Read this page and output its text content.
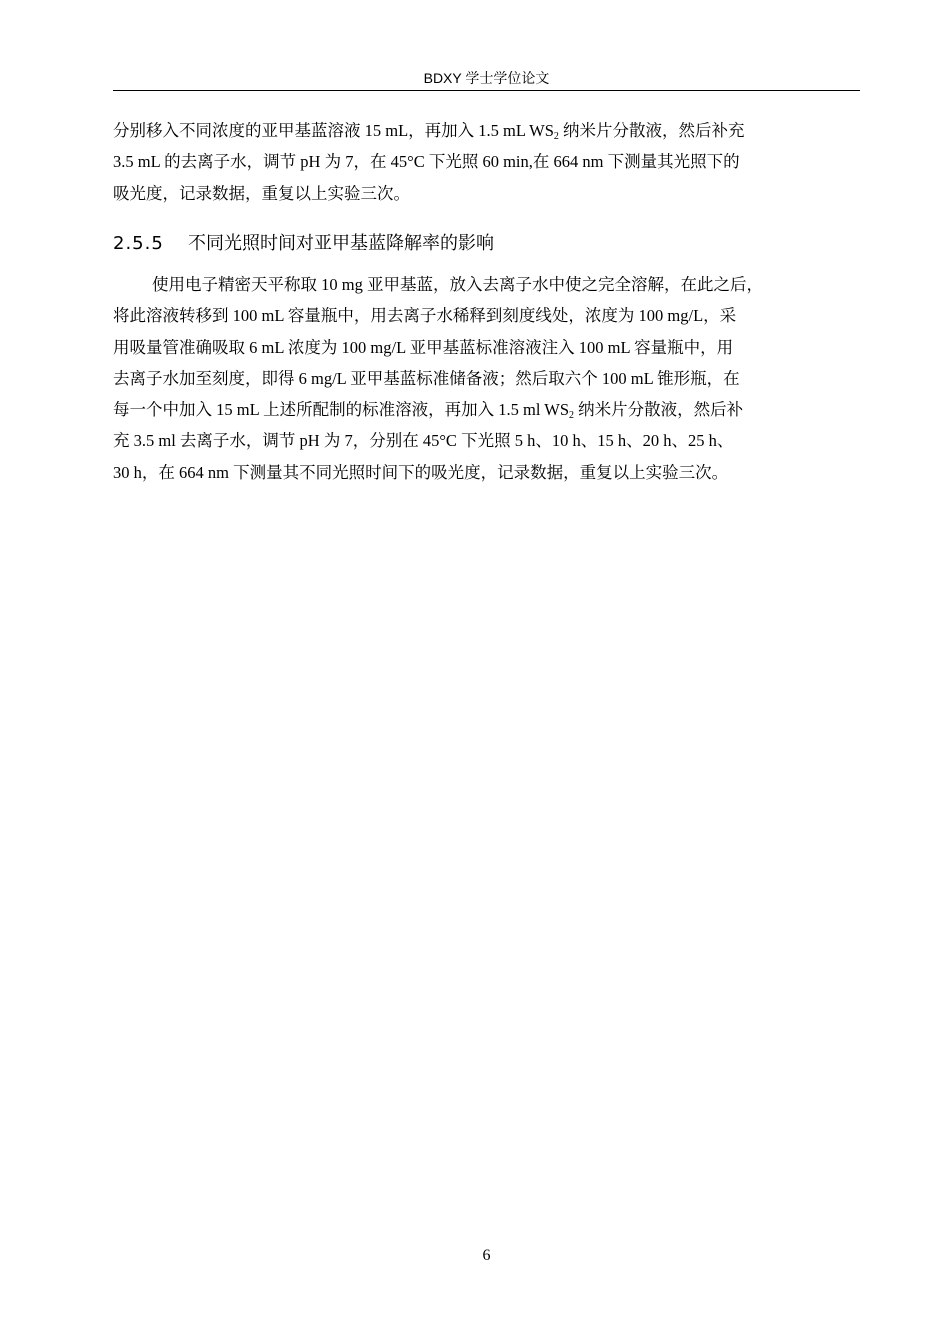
BDXY 学士学位论文

分别移入不同浓度的亚甲基蓝溶液 15 mL，再加入 1.5 mL $WS_2$ 纳米片分散液，然后补充
3.5 mL 的去离子水，调节 pH 为 7，在 45°C 下光照 60 min,在 664 nm 下测量其光照下的
吸光度，记录数据，重复以上实验三次。

2.5.5 不同光照时间对亚甲基蓝降解率的影响

使用电子精密天平称取 10 mg 亚甲基蓝，放入去离子水中使之完全溶解，在此之后，
将此溶液转移到 100 mL 容量瓶中，用去离子水稀释到刻度线处，浓度为 100 mg/L，采
用吸量管准确吸取 6 mL 浓度为 100 mg/L 亚甲基蓝标准溶液注入 100 mL 容量瓶中，用
去离子水加至刻度，即得 6 mg/L 亚甲基蓝标准储备液；然后取六个 100 mL 锥形瓶，在
每一个中加入 15 mL 上述所配制的标准溶液，再加入 1.5 ml $WS_2$ 纳米片分散液，然后补
充 3.5 ml 去离子水，调节 pH 为 7，分别在 45°C 下光照 5 h、10 h、15 h、20 h、25 h、
30 h，在 664 nm 下测量其不同光照时间下的吸光度，记录数据，重复以上实验三次。

6
